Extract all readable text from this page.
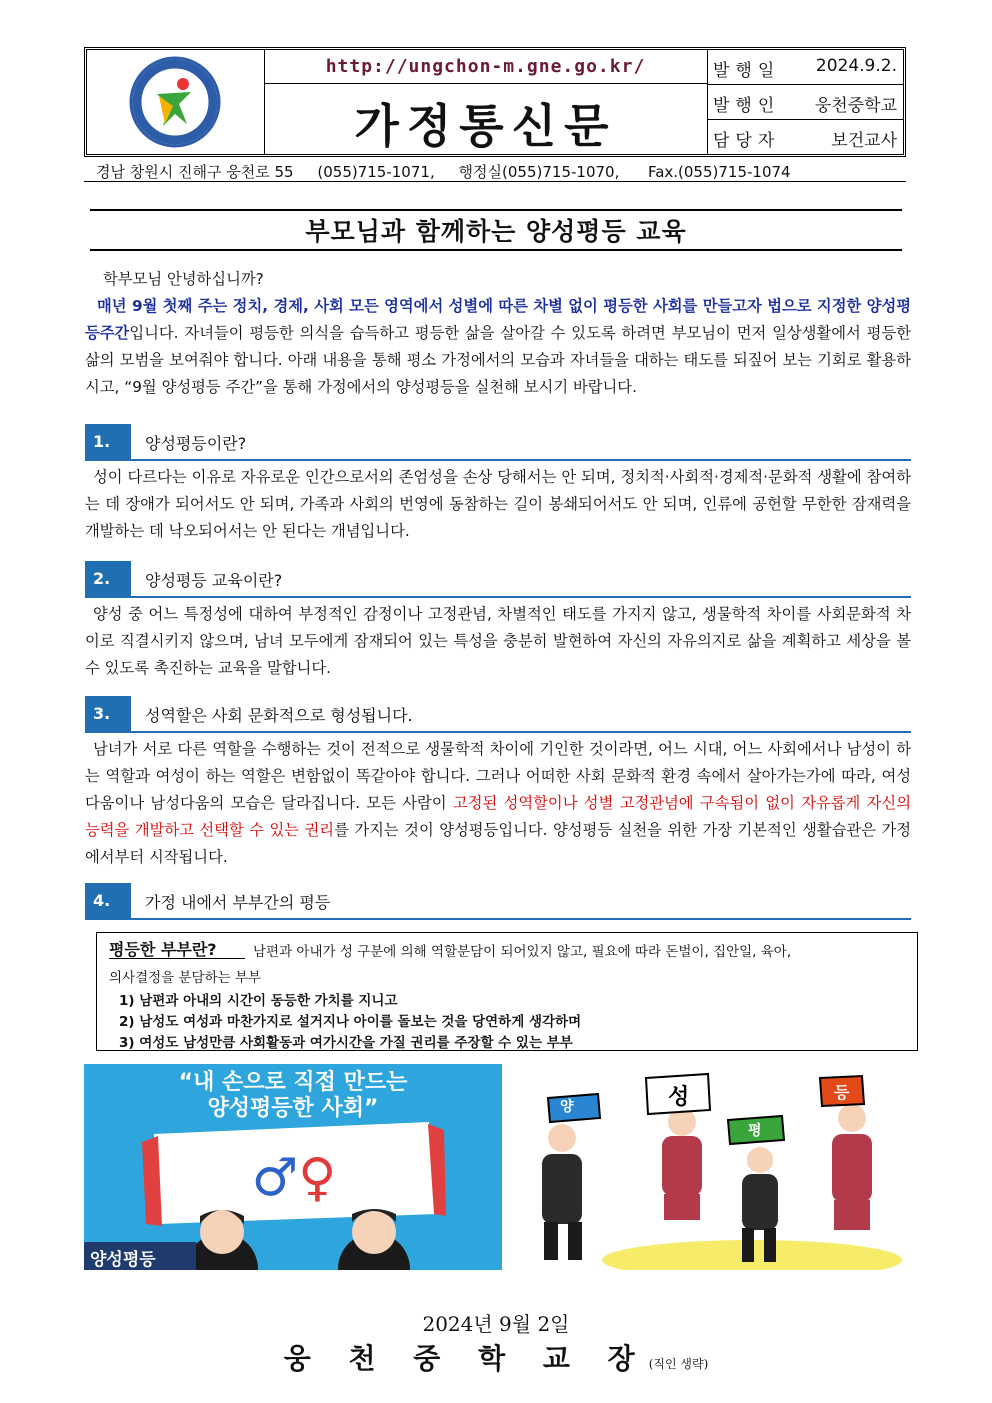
http://ungchon-m.gne.go.kr/
가정통신문
발행일 2024.9.2.
발행인 웅천중학교
담당자	보건교사
경남 창원시 진해구 웅천로 55     (055)715-1071,     행정실(055)715-1070,      Fax.(055)715-1074
부모님과 함께하는 양성평등 교육
학부모님 안녕하십니까?
매년 9월 첫째 주는 정치, 경제, 사회 모든 영역에서 성별에 따른 차별 없이 평등한 사회를 만들고자 법으로 지정한 양성평등주간입니다. 자녀들이 평등한 의식을 습득하고 평등한 삶을 살아갈 수 있도록 하려면 부모님이 먼저 일상생활에서 평등한 삶의 모범을 보여줘야 합니다. 아래 내용을 통해 평소 가정에서의 모습과 자녀들을 대하는 태도를 되짚어 보는 기회로 활용하시고, “9월 양성평등 주간”을 통해 가정에서의 양성평등을 실천해 보시기 바랍니다.
1.	양성평등이란?
성이 다르다는 이유로 자유로운 인간으로서의 존엄성을 손상 당해서는 안 되며, 정치적·사회적·경제적·문화적 생활에 참여하는 데 장애가 되어서도 안 되며, 가족과 사회의 번영에 동참하는 길이 봉쇄되어서도 안 되며, 인류에 공헌할 무한한 잠재력을 개발하는 데 낙오되어서는 안 된다는 개념입니다.
2.	양성평등 교육이란?
양성 중 어느 특정성에 대하여 부정적인 감정이나 고정관념, 차별적인 태도를 가지지 않고, 생물학적 차이를 사회문화적 차이로 직결시키지 않으며, 남녀 모두에게 잠재되어 있는 특성을 충분히 발현하여 자신의 자유의지로 삶을 계획하고 세상을 볼 수 있도록 촉진하는 교육을 말합니다.
3.	성역할은 사회 문화적으로 형성됩니다.
남녀가 서로 다른 역할을 수행하는 것이 전적으로 생물학적 차이에 기인한 것이라면, 어느 시대, 어느 사회에서나 남성이 하는 역할과 여성이 하는 역할은 변함없이 똑같아야 합니다. 그러나 어떠한 사회 문화적 환경 속에서 살아가는가에 따라, 여성다움이나 남성다움의 모습은 달라집니다. 모든 사람이 고정된 성역할이나 성별 고정관념에 구속됨이 없이 자유롭게 자신의 능력을 개발하고 선택할 수 있는 권리를 가지는 것이 양성평등입니다. 양성평등 실천을 위한 가장 기본적인 생활습관은 가정에서부터 시작됩니다.
4.	가정 내에서 부부간의 평등
평등한 부부란?	남편과 아내가 성 구분에 의해 역할분담이 되어있지 않고, 필요에 따라 돈벌이, 집안일, 육아,
의사결정을 분담하는 부부
1) 남편과 아내의 시간이 동등한 가치를 지니고
2) 남성도 여성과 마찬가지로 설거지나 아이를 돌보는 것을 당연하게 생각하며
3) 여성도 남성만큼 사회활동과 여가시간을 가질 권리를 주장할 수 있는 부부
“내 손으로 직접 만드는
양성평등한 사회”
♂♀
양성평등
양	성
평
등
2024년 9월 2일
웅 천 중 학 교 장(직인 생략)
